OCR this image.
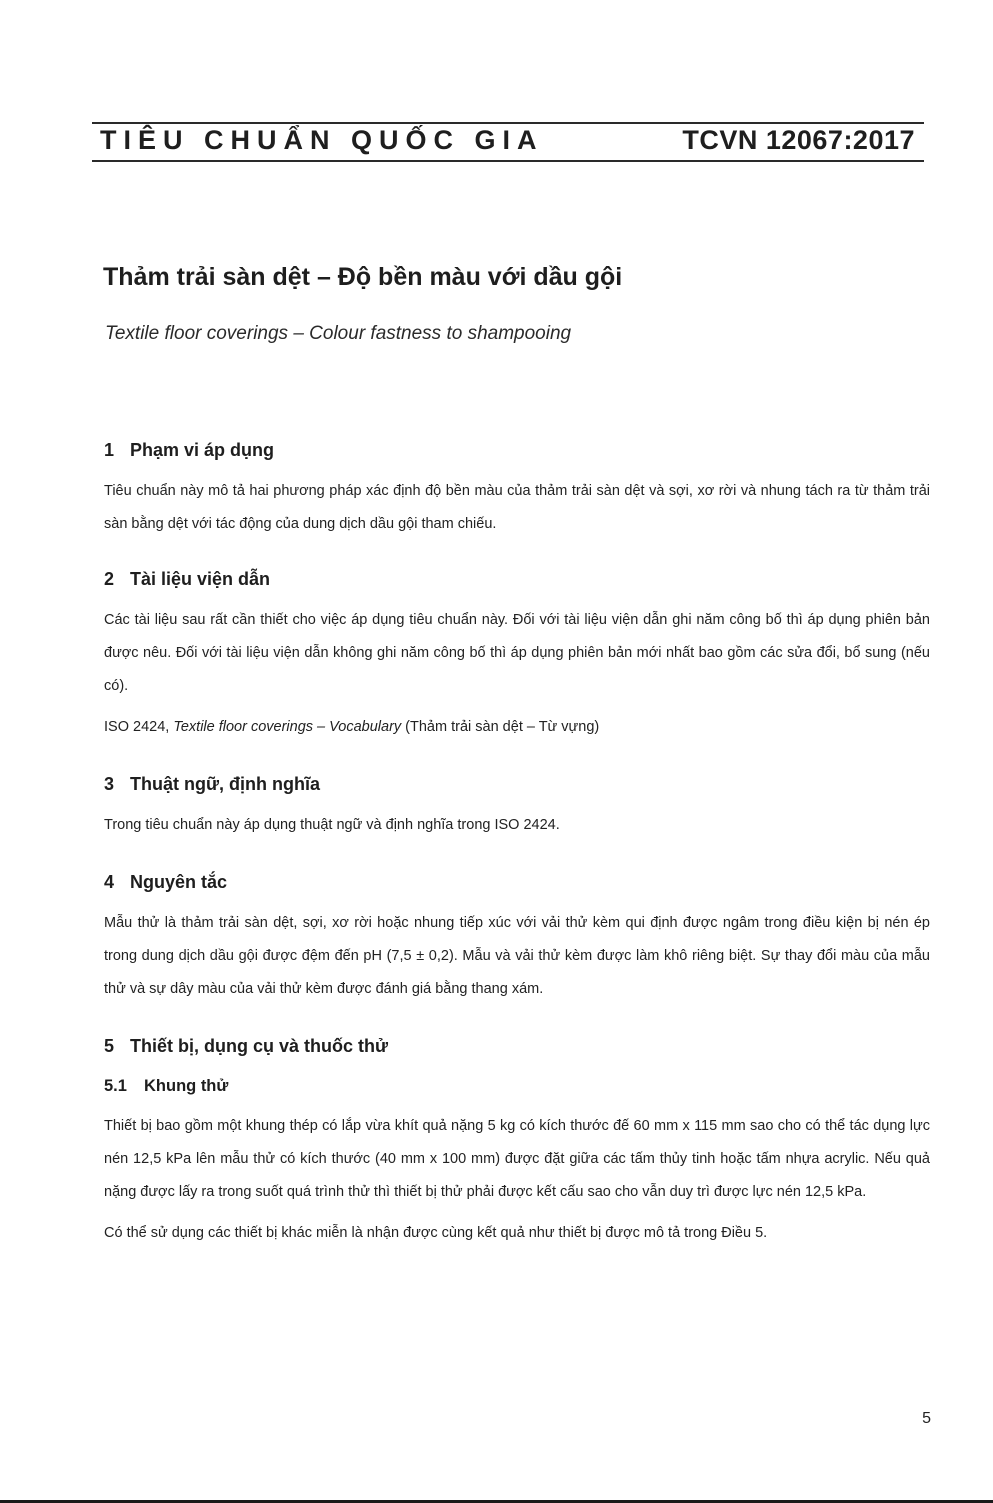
TIÊU CHUẨN QUỐC GIA	TCVN 12067:2017
Thảm trải sàn dệt – Độ bền màu với dầu gội
Textile floor coverings – Colour fastness to shampooing
1 Phạm vi áp dụng

Tiêu chuẩn này mô tả hai phương pháp xác định độ bền màu của thảm trải sàn dệt và sợi, xơ rời và nhung tách ra từ thảm trải sàn bằng dệt với tác động của dung dịch dầu gội tham chiếu.

2 Tài liệu viện dẫn

Các tài liệu sau rất cần thiết cho việc áp dụng tiêu chuẩn này. Đối với tài liệu viện dẫn ghi năm công bố thì áp dụng phiên bản được nêu. Đối với tài liệu viện dẫn không ghi năm công bố thì áp dụng phiên bản mới nhất bao gồm các sửa đổi, bổ sung (nếu có).

ISO 2424, Textile floor coverings – Vocabulary (Thảm trải sàn dệt – Từ vựng)

3 Thuật ngữ, định nghĩa

Trong tiêu chuẩn này áp dụng thuật ngữ và định nghĩa trong ISO 2424.

4 Nguyên tắc

Mẫu thử là thảm trải sàn dệt, sợi, xơ rời hoặc nhung tiếp xúc với vải thử kèm qui định được ngâm trong điều kiện bị nén ép trong dung dịch dầu gội được đệm đến pH (7,5 ± 0,2). Mẫu và vải thử kèm được làm khô riêng biệt. Sự thay đổi màu của mẫu thử và sự dây màu của vải thử kèm được đánh giá bằng thang xám.

5 Thiết bị, dụng cụ và thuốc thử
5.1 Khung thử

Thiết bị bao gồm một khung thép có lắp vừa khít quả nặng 5 kg có kích thước đế 60 mm x 115 mm sao cho có thể tác dụng lực nén 12,5 kPa lên mẫu thử có kích thước (40 mm x 100 mm) được đặt giữa các tấm thủy tinh hoặc tấm nhựa acrylic. Nếu quả nặng được lấy ra trong suốt quá trình thử thì thiết bị thử phải được kết cấu sao cho vẫn duy trì được lực nén 12,5 kPa.

Có thể sử dụng các thiết bị khác miễn là nhận được cùng kết quả như thiết bị được mô tả trong Điều 5.

5
